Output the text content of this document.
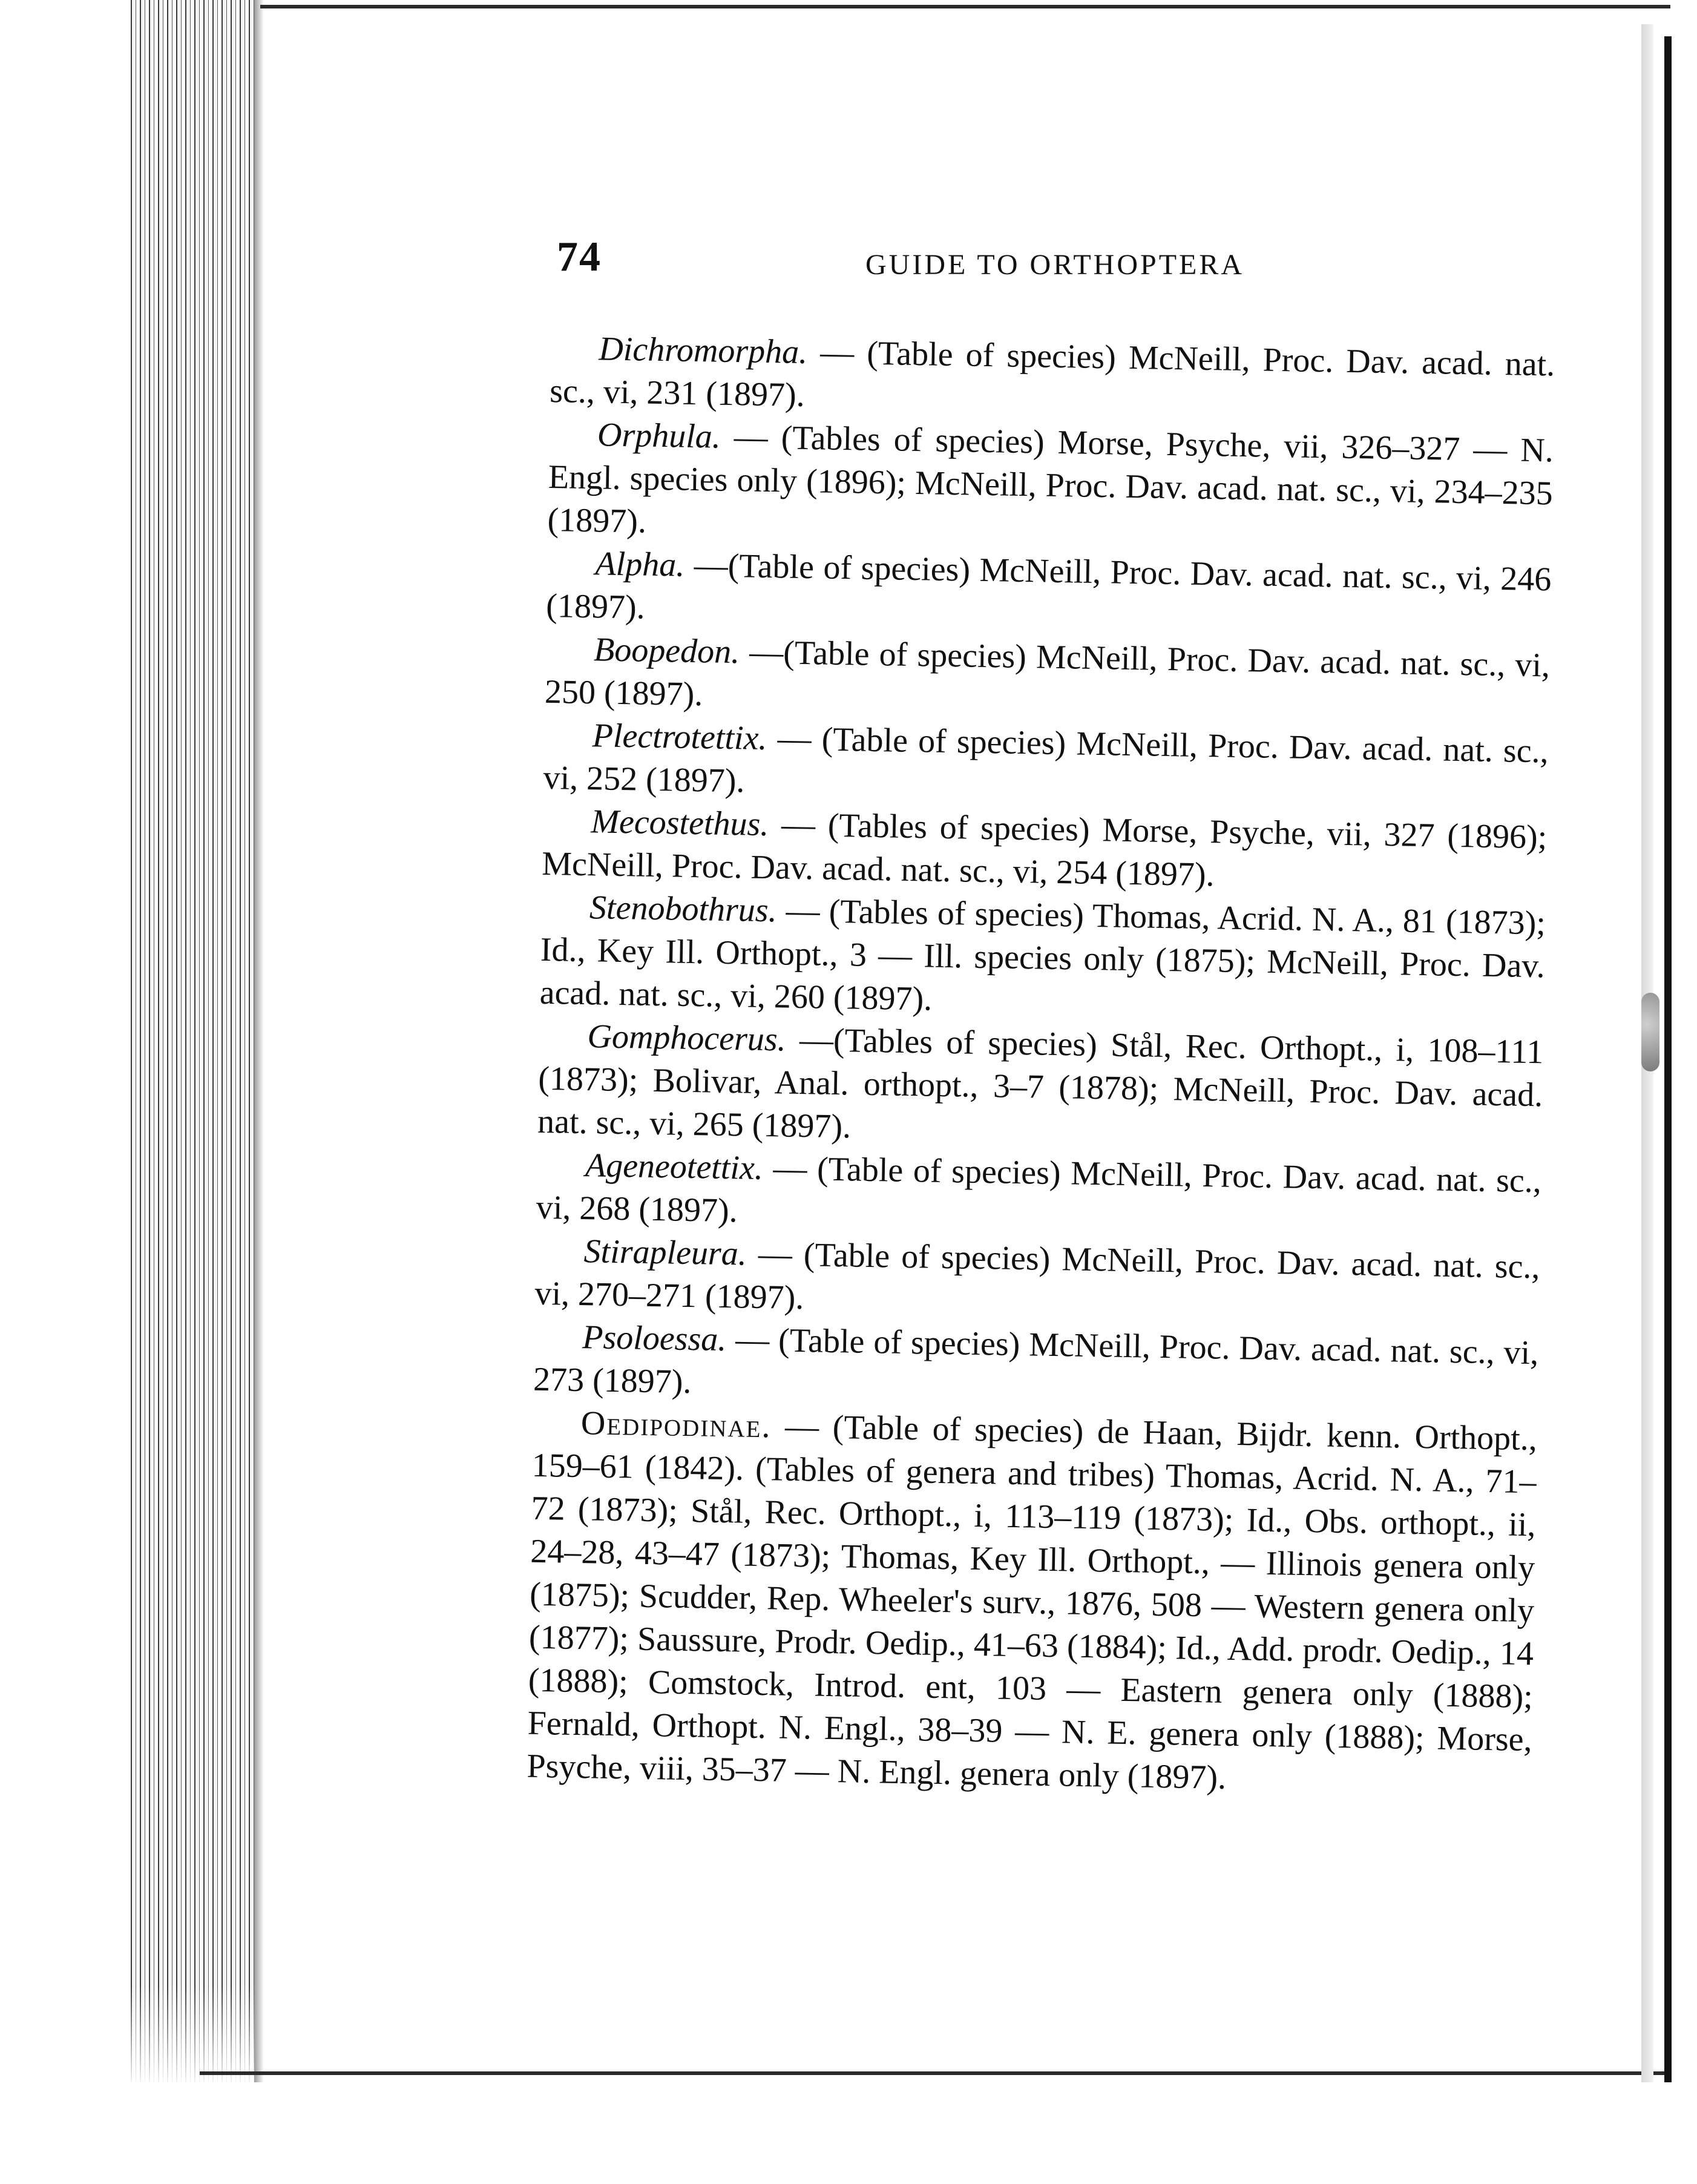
74	GUIDE TO ORTHOPTERA

Dichromorpha. — (Table of species) McNeill, Proc. Dav. acad. nat. sc., vi, 231 (1897).

Orphula. — (Tables of species) Morse, Psyche, vii, 326–327 — N. Engl. species only (1896); McNeill, Proc. Dav. acad. nat. sc., vi, 234–235 (1897).

Alpha. —(Table of species) McNeill, Proc. Dav. acad. nat. sc., vi, 246 (1897).

Boopedon. —(Table of species) McNeill, Proc. Dav. acad. nat. sc., vi, 250 (1897).

Plectrotettix. — (Table of species) McNeill, Proc. Dav. acad. nat. sc., vi, 252 (1897).

Mecostethus. — (Tables of species) Morse, Psyche, vii, 327 (1896); McNeill, Proc. Dav. acad. nat. sc., vi, 254 (1897).

Stenobothrus. — (Tables of species) Thomas, Acrid. N. A., 81 (1873); Id., Key Ill. Orthopt., 3 — Ill. species only (1875); McNeill, Proc. Dav. acad. nat. sc., vi, 260 (1897).

Gomphocerus. —(Tables of species) Stål, Rec. Orthopt., i, 108–111 (1873); Bolivar, Anal. orthopt., 3–7 (1878); McNeill, Proc. Dav. acad. nat. sc., vi, 265 (1897).

Ageneotettix. — (Table of species) McNeill, Proc. Dav. acad. nat. sc., vi, 268 (1897).

Stirapleura. — (Table of species) McNeill, Proc. Dav. acad. nat. sc., vi, 270–271 (1897).

Psoloessa. — (Table of species) McNeill, Proc. Dav. acad. nat. sc., vi, 273 (1897).

Oedipodinae. — (Table of species) de Haan, Bijdr. kenn. Orthopt., 159–61 (1842). (Tables of genera and tribes) Thomas, Acrid. N. A., 71–72 (1873); Stål, Rec. Orthopt., i, 113–119 (1873); Id., Obs. orthopt., ii, 24–28, 43–47 (1873); Thomas, Key Ill. Orthopt., — Illinois genera only (1875); Scudder, Rep. Wheeler's surv., 1876, 508 — Western genera only (1877); Saussure, Prodr. Oedip., 41–63 (1884); Id., Add. prodr. Oedip., 14 (1888); Comstock, Introd. ent, 103 — Eastern genera only (1888); Fernald, Orthopt. N. Engl., 38–39 — N. E. genera only (1888); Morse, Psyche, viii, 35–37 — N. Engl. genera only (1897).
